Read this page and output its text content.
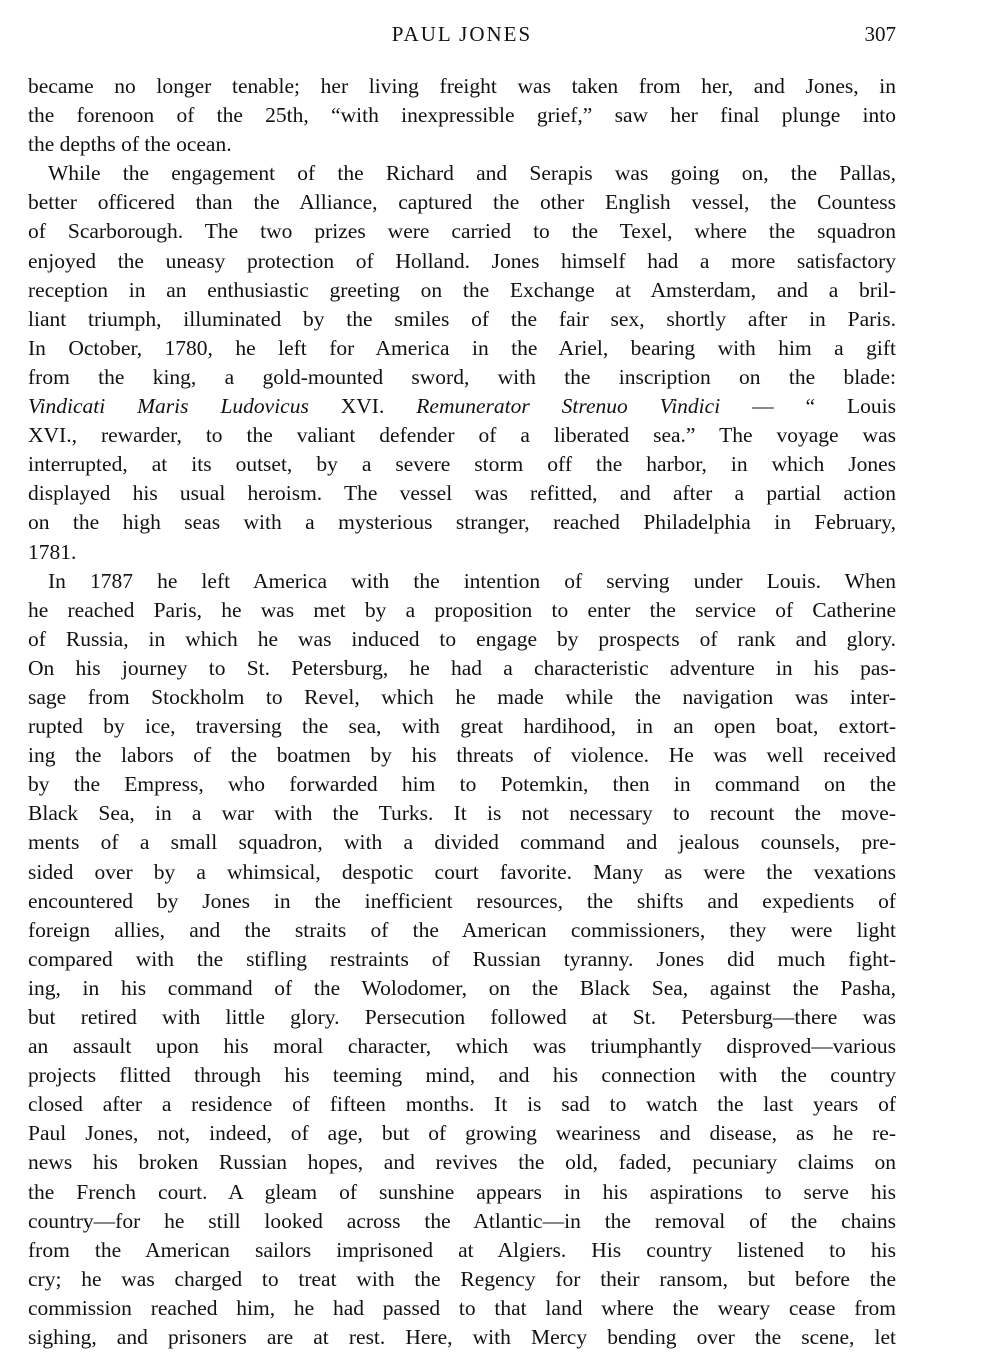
PAUL JONES	307
became no longer tenable; her living freight was taken from her, and Jones, in
the forenoon of the 25th, “with inexpressible grief,” saw her final plunge into
the depths of the ocean.
While the engagement of the Richard and Serapis was going on, the Pallas,
better officered than the Alliance, captured the other English vessel, the Countess
of Scarborough. The two prizes were carried to the Texel, where the squadron
enjoyed the uneasy protection of Holland. Jones himself had a more satisfactory
reception in an enthusiastic greeting on the Exchange at Amsterdam, and a bril-
liant triumph, illuminated by the smiles of the fair sex, shortly after in Paris.
In October, 1780, he left for America in the Ariel, bearing with him a gift
from the king, a gold-mounted sword, with the inscription on the blade:
Vindicati Maris Ludovicus XVI. Remunerator Strenuo Vindici — “ Louis
XVI., rewarder, to the valiant defender of a liberated sea.” The voyage was
interrupted, at its outset, by a severe storm off the harbor, in which Jones
displayed his usual heroism. The vessel was refitted, and after a partial action
on the high seas with a mysterious stranger, reached Philadelphia in February,
1781.
In 1787 he left America with the intention of serving under Louis. When
he reached Paris, he was met by a proposition to enter the service of Catherine
of Russia, in which he was induced to engage by prospects of rank and glory.
On his journey to St. Petersburg, he had a characteristic adventure in his pas-
sage from Stockholm to Revel, which he made while the navigation was inter-
rupted by ice, traversing the sea, with great hardihood, in an open boat, extort-
ing the labors of the boatmen by his threats of violence. He was well received
by the Empress, who forwarded him to Potemkin, then in command on the
Black Sea, in a war with the Turks. It is not necessary to recount the move-
ments of a small squadron, with a divided command and jealous counsels, pre-
sided over by a whimsical, despotic court favorite. Many as were the vexations
encountered by Jones in the inefficient resources, the shifts and expedients of
foreign allies, and the straits of the American commissioners, they were light
compared with the stifling restraints of Russian tyranny. Jones did much fight-
ing, in his command of the Wolodomer, on the Black Sea, against the Pasha,
but retired with little glory. Persecution followed at St. Petersburg—there was
an assault upon his moral character, which was triumphantly disproved—various
projects flitted through his teeming mind, and his connection with the country
closed after a residence of fifteen months. It is sad to watch the last years of
Paul Jones, not, indeed, of age, but of growing weariness and disease, as he re-
news his broken Russian hopes, and revives the old, faded, pecuniary claims on
the French court. A gleam of sunshine appears in his aspirations to serve his
country—for he still looked across the Atlantic—in the removal of the chains
from the American sailors imprisoned at Algiers. His country listened to his
cry; he was charged to treat with the Regency for their ransom, but before the
commission reached him, he had passed to that land where the weary cease from
sighing, and prisoners are at rest. Here, with Mercy bending over the scene, let
